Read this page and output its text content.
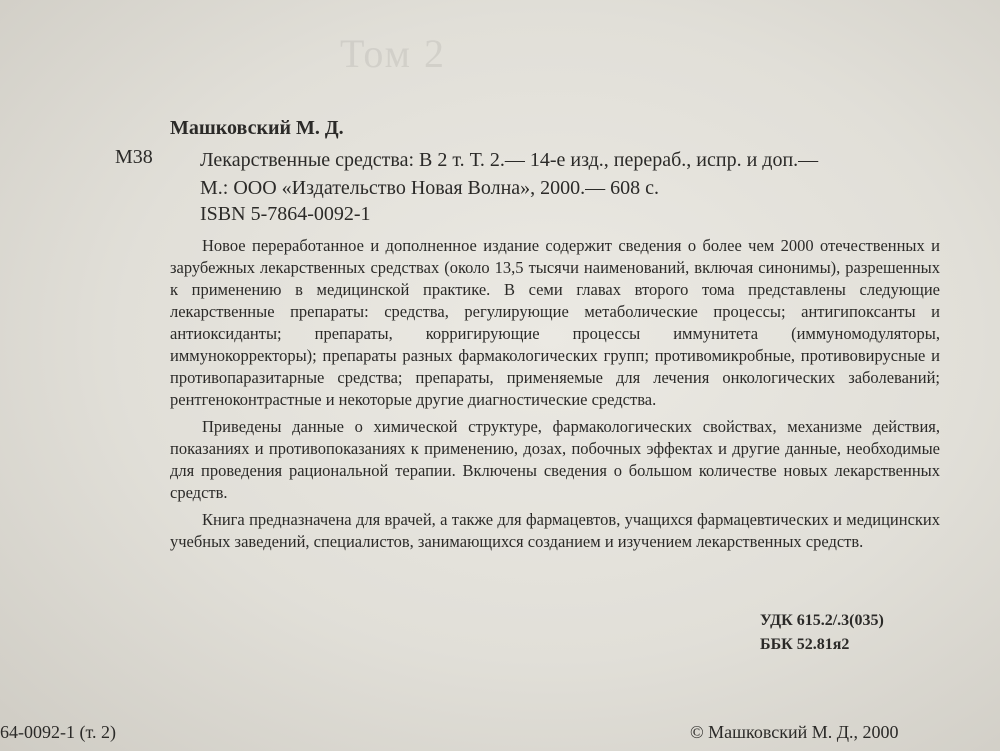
Том 2
Машковский М. Д.
М38 Лекарственные средства: В 2 т. Т. 2.— 14-е изд., перераб., испр. и доп.—
М.: ООО «Издательство Новая Волна», 2000.— 608 с.
ISBN 5-7864-0092-1

Новое переработанное и дополненное издание содержит сведения о более чем 2000 отечественных и зарубежных лекарственных средствах (около 13,5 тысячи наименований, включая синонимы), разрешенных к применению в медицинской практике. В семи главах второго тома представлены следующие лекарственные препараты: средства, регулирующие метаболические процессы; антигипоксанты и антиоксиданты; препараты, корригирующие процессы иммунитета (иммуномодуляторы, иммунокорректоры); препараты разных фармакологических групп; противомикробные, противовирусные и противопаразитарные средства; препараты, применяемые для лечения онкологических заболеваний; рентгеноконтрастные и некоторые другие диагностические средства.

Приведены данные о химической структуре, фармакологических свойствах, механизме действия, показаниях и противопоказаниях к применению, дозах, побочных эффектах и другие данные, необходимые для проведения рациональной терапии. Включены сведения о большом количестве новых лекарственных средств.

Книга предназначена для врачей, а также для фармацевтов, учащихся фармацевтических и медицинских учебных заведений, специалистов, занимающихся созданием и изучением лекарственных средств.

УДК 615.2/.3(035)
ББК 52.81я2
64-0092-1 (т. 2)	© Машковский М. Д., 2000
